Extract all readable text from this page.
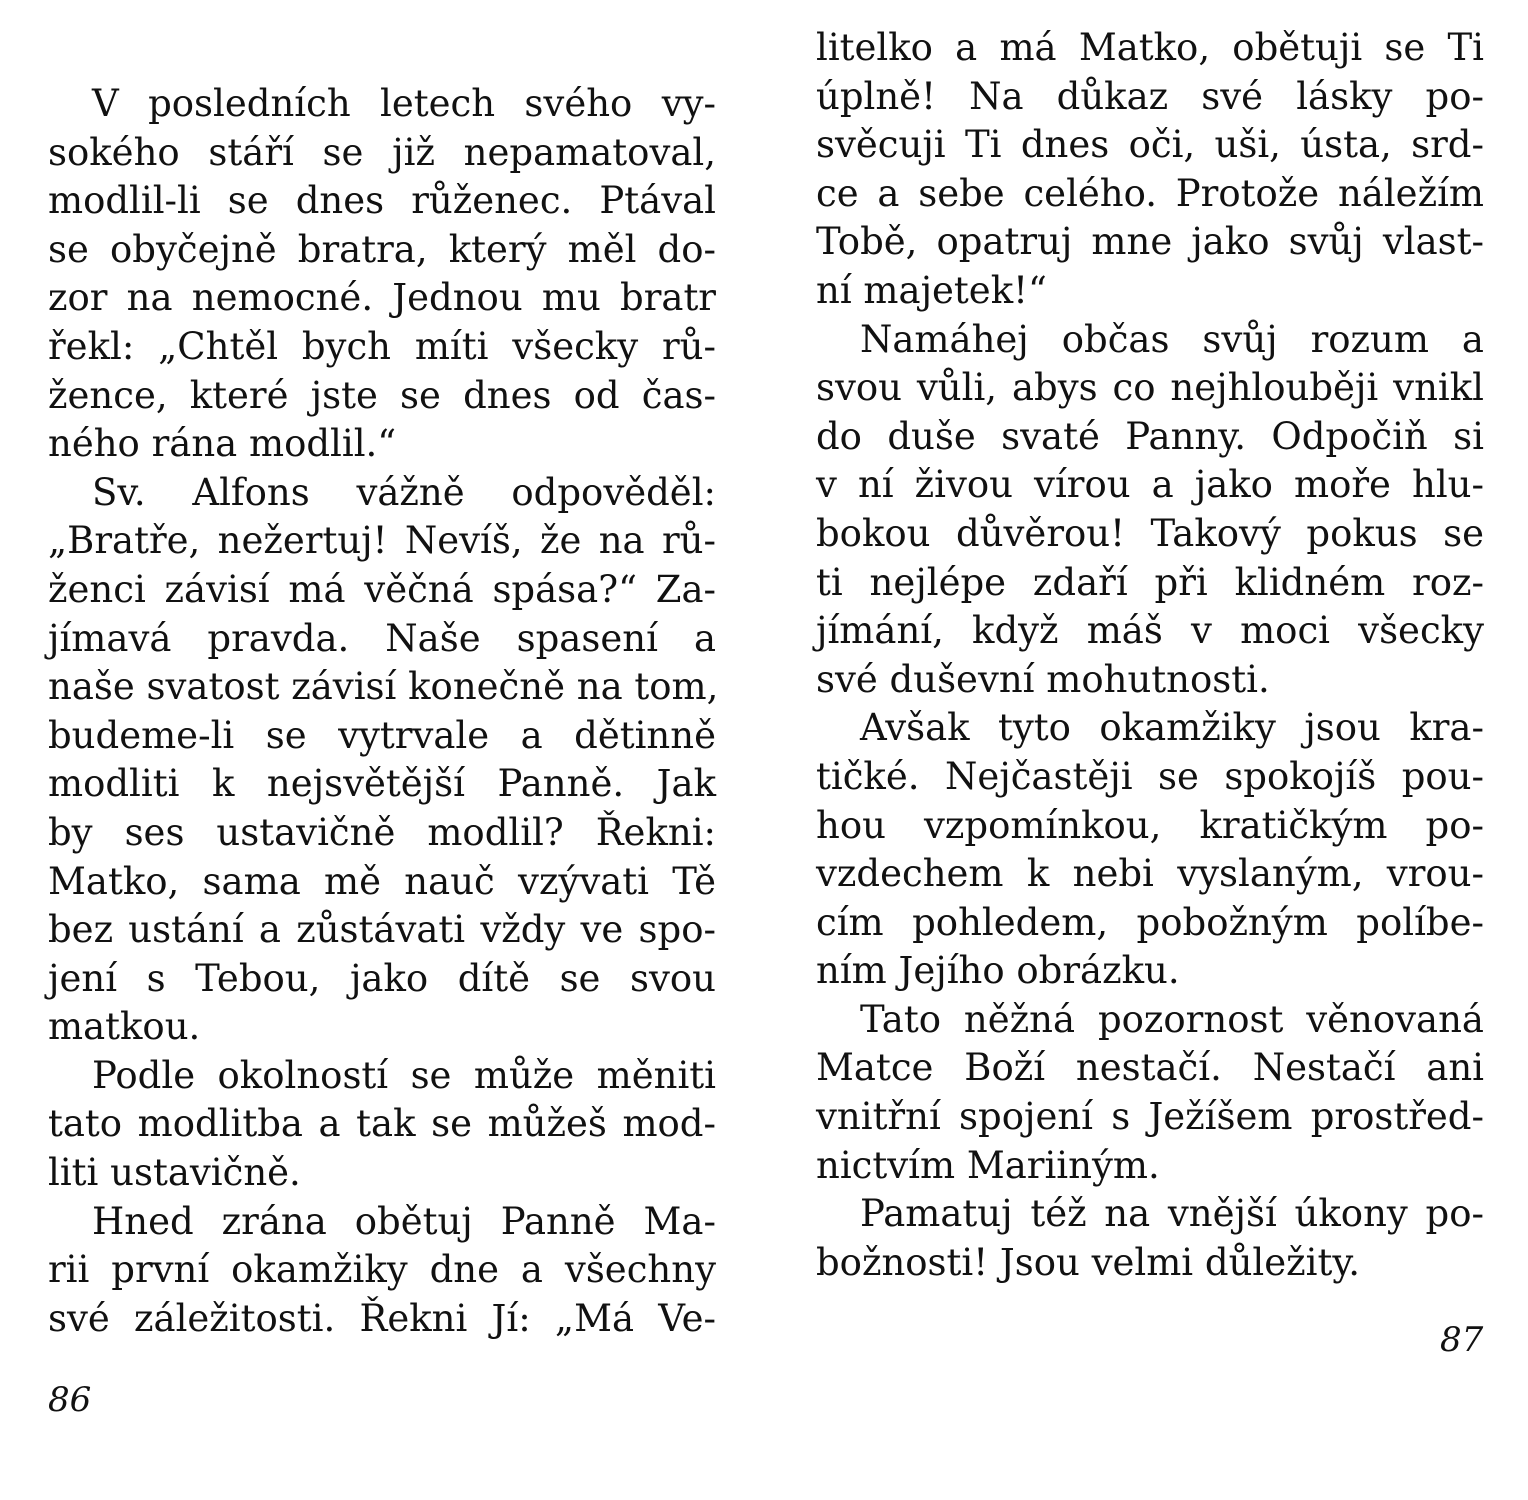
V posledních letech svého vy-
sokého stáří se již nepamatoval,
modlil-li se dnes růženec. Ptával
se obyčejně bratra, který měl do-
zor na nemocné. Jednou mu bratr
řekl: „Chtěl bych míti všecky rů-
žence, které jste se dnes od čas-
ného rána modlil.“
Sv. Alfons vážně odpověděl:
„Bratře, nežertuj! Nevíš, že na rů-
ženci závisí má věčná spása?“ Za-
jímavá pravda. Naše spasení a
naše svatost závisí konečně na tom,
budeme-li se vytrvale a dětinně
modliti k nejsvětější Panně. Jak
by ses ustavičně modlil? Řekni:
Matko, sama mě nauč vzývati Tě
bez ustání a zůstávati vždy ve spo-
jení s Tebou, jako dítě se svou
matkou.
Podle okolností se může měniti
tato modlitba a tak se můžeš mod-
liti ustavičně.
Hned zrána obětuj Panně Ma-
rii první okamžiky dne a všechny
své záležitosti. Řekni Jí: „Má Ve-
86
litelko a má Matko, obětuji se Ti
úplně! Na důkaz své lásky po-
svěcuji Ti dnes oči, uši, ústa, srd-
ce a sebe celého. Protože náležím
Tobě, opatruj mne jako svůj vlast-
ní majetek!“
Namáhej občas svůj rozum a
svou vůli, abys co nejhlouběji vnikl
do duše svaté Panny. Odpočiň si
v ní živou vírou a jako moře hlu-
bokou důvěrou! Takový pokus se
ti nejlépe zdaří při klidném roz-
jímání, když máš v moci všecky
své duševní mohutnosti.
Avšak tyto okamžiky jsou kra-
tičké. Nejčastěji se spokojíš pou-
hou vzpomínkou, kratičkým po-
vzdechem k nebi vyslaným, vrou-
cím pohledem, pobožným políbe-
ním Jejího obrázku.
Tato něžná pozornost věnovaná
Matce Boží nestačí. Nestačí ani
vnitřní spojení s Ježíšem prostřed-
nictvím Mariiným.
Pamatuj též na vnější úkony po-
božnosti! Jsou velmi důležity.
87
